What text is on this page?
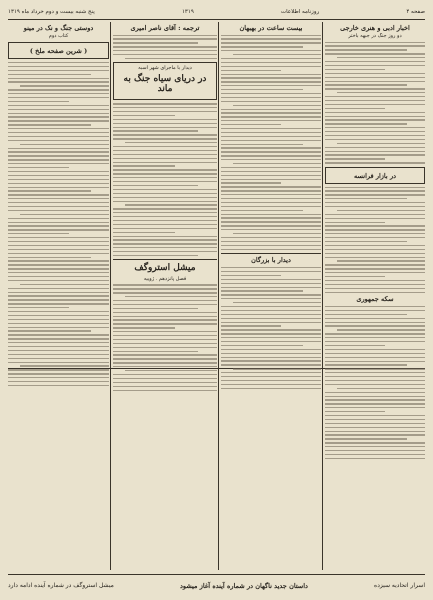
صفحه ۴
روزنامه اطلاعات
۱۳۱۹
پنج شنبه بیست و دوم خرداد ماه ۱۳۱۹
اخبار ادبی و هنری خارجی
دو روز جنگ در جبهه باختر
در بازار فرانسه
سکه جمهوری
بیست ساعت در بهبهان
دیدار با بزرگان
ترجمه : آقای ناصر امیری
دیدار با ماجرای شهر اسبه
در دریای سیاه جنگ به ماند
میشل استروگف
فصل پانزدهم . ژوییه
دوستی جنگ و نک در مینو
کتاب دوم
( شرین صفحه ملخ )
اسرار اتحادیه سیزده
داستان جدید ناگهان در شماره آینده آغاز میشود
میشل استروگف در شماره آینده ادامه دارد
